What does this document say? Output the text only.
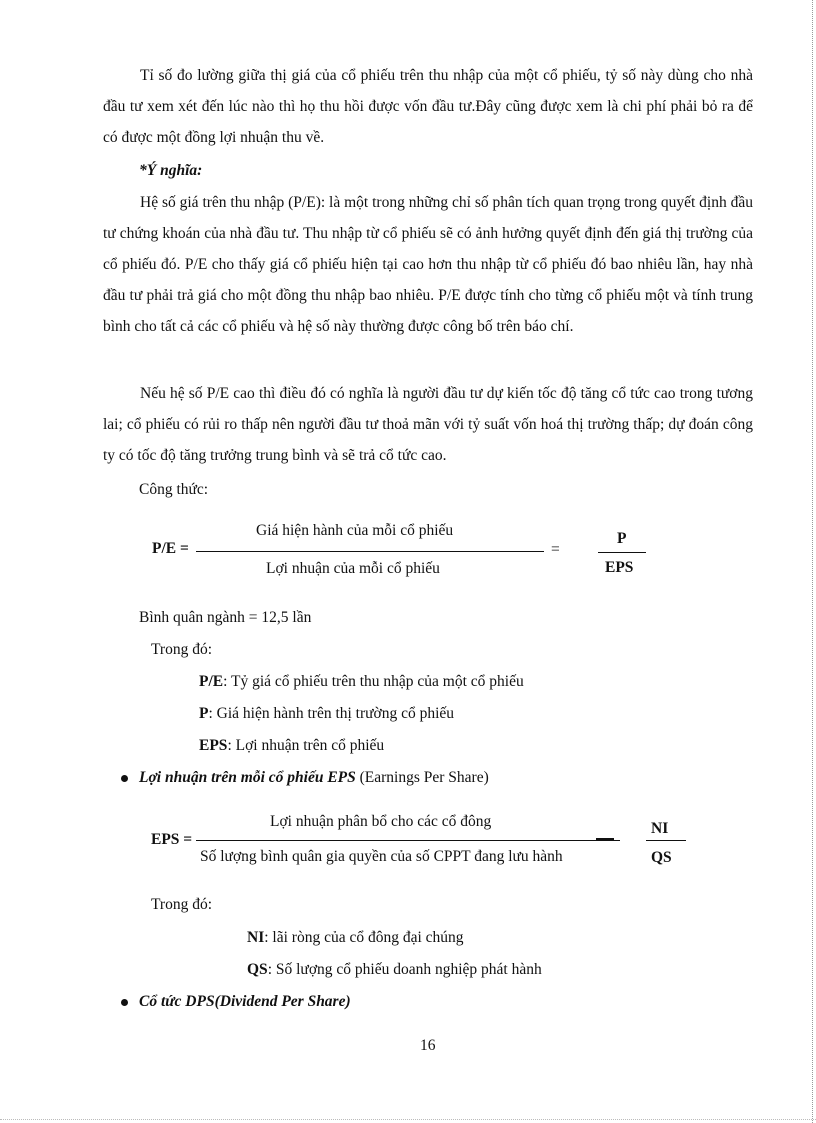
Tỉ số đo lường giữa thị giá của cổ phiếu trên thu nhập của một cổ phiếu, tỷ số này dùng cho nhà đầu tư xem xét đến lúc nào thì họ thu hồi được vốn đầu tư.Đây cũng được xem là chi phí phải bỏ ra để có được một đồng lợi nhuận thu về.

*Ý nghĩa:

Hệ số giá trên thu nhập (P/E): là một trong những chỉ số phân tích quan trọng trong quyết định đầu tư chứng khoán của nhà đầu tư. Thu nhập từ cổ phiếu sẽ có ảnh hưởng quyết định đến giá thị trường của cổ phiếu đó. P/E cho thấy giá cổ phiếu hiện tại cao hơn thu nhập từ cổ phiếu đó bao nhiêu lần, hay nhà đầu tư phải trả giá cho một đồng thu nhập bao nhiêu. P/E được tính cho từng cổ phiếu một và tính trung bình cho tất cả các cổ phiếu và hệ số này thường được công bố trên báo chí.

Nếu hệ số P/E cao thì điều đó có nghĩa là người đầu tư dự kiến tốc độ tăng cổ tức cao trong tương lai; cổ phiếu có rủi ro thấp nên người đầu tư thoả mãn với tỷ suất vốn hoá thị trường thấp; dự đoán công ty có tốc độ tăng trưởng trung bình và sẽ trả cổ tức cao.

Công thức:
P/E =
Giá hiện hành của mỗi cổ phiếu
Lợi nhuận của mỗi cổ phiếu
=
P
EPS
Bình quân ngành = 12,5 lần
Trong đó:
P/E: Tỷ giá cổ phiếu trên thu nhập của một cổ phiếu
P: Giá hiện hành trên thị trường cổ phiếu
EPS: Lợi nhuận trên cổ phiếu
Lợi nhuận trên mỗi cổ phiếu EPS (Earnings Per Share)
EPS =
Lợi nhuận phân bổ cho các cổ đông
Số lượng bình quân gia quyền của số CPPT đang lưu hành
NI
QS
Trong đó:
NI: lãi ròng của cổ đông đại chúng
QS: Số lượng cổ phiếu doanh nghiệp phát hành
Cổ tức DPS(Dividend Per Share)
16
